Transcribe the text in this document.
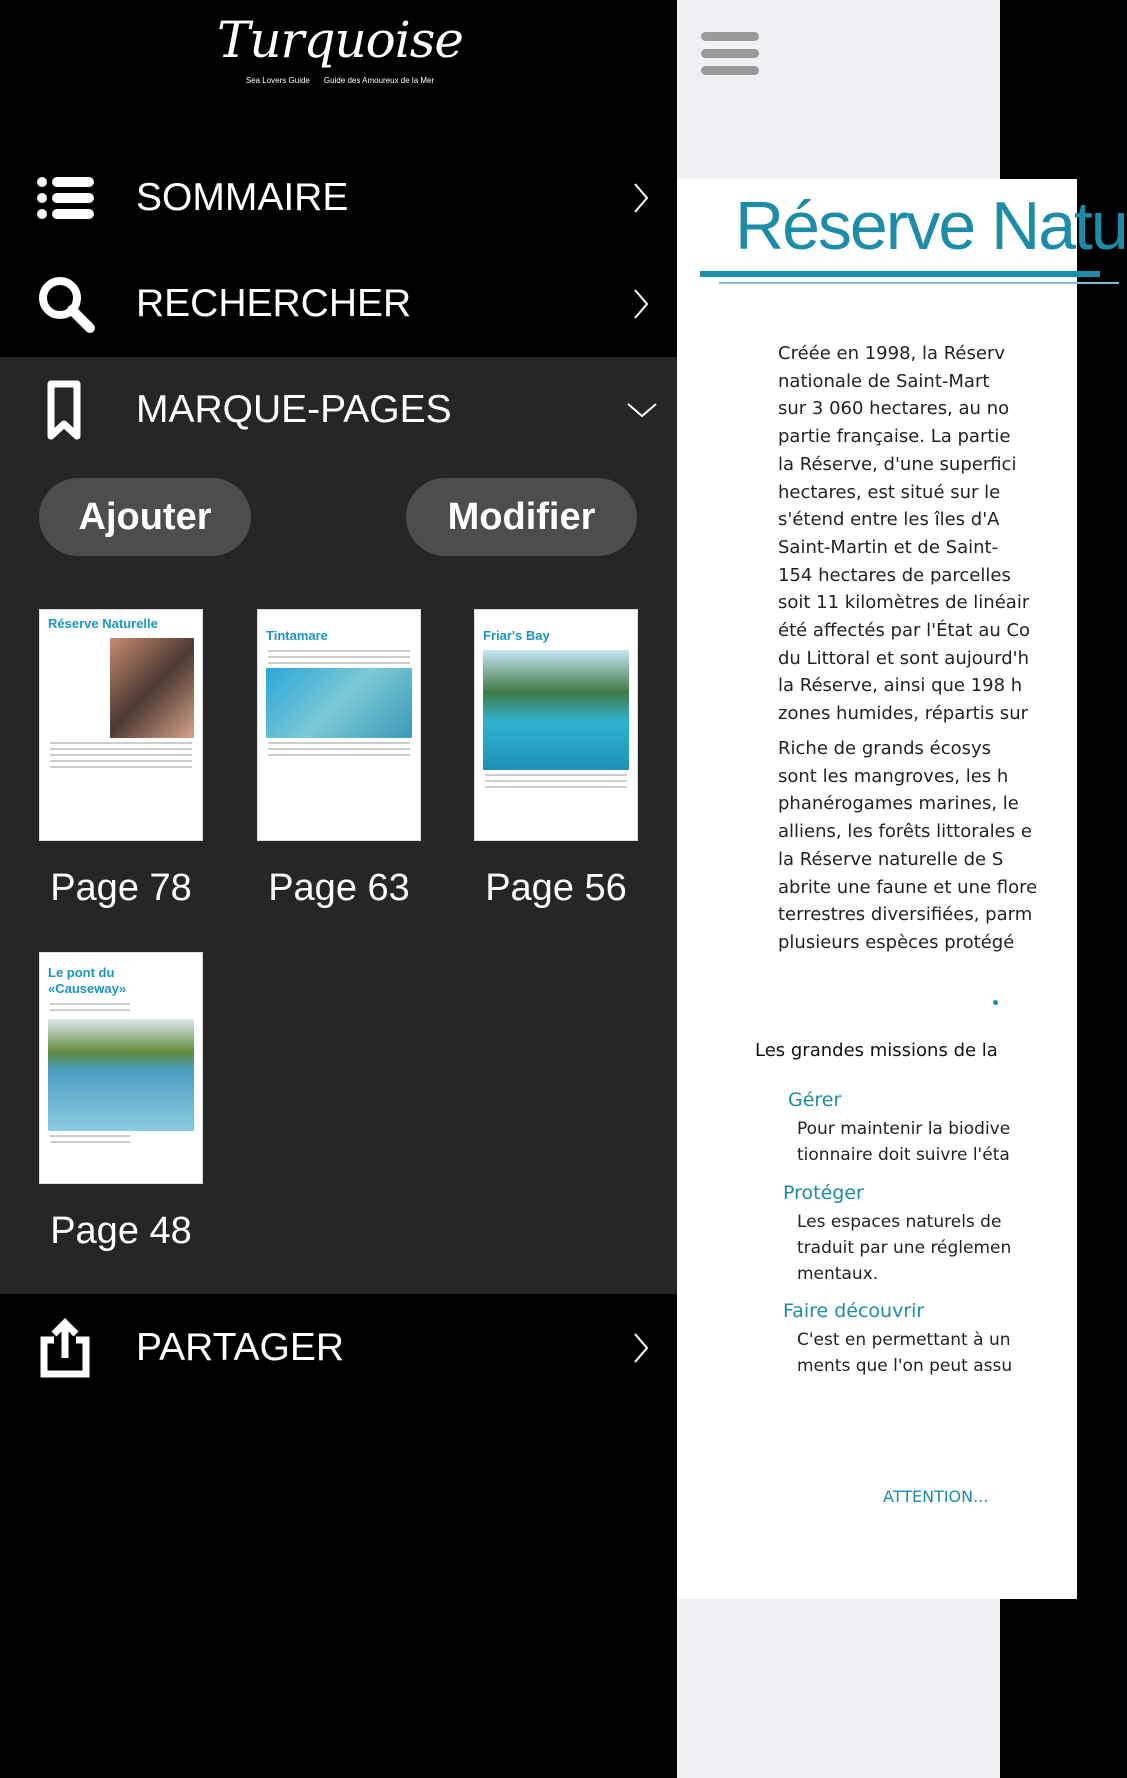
Turquoise
Sea Lovers Guide Guide des Amoureux de la Mer
SOMMAIRE
RECHERCHER
MARQUE-PAGES
Ajouter	Modifier
Réserve Naturelle
Tintamare	Friar's Bay
Page 78	Page 63	Page 56
Le pont du «Causeway»
Page 48
PARTAGER
Réserve Natu
Créée en 1998, la Réserv
nationale de Saint-Mart
sur 3 060 hectares, au no
partie française. La partie
la Réserve, d'une superfici
hectares, est situé sur le
s'étend entre les îles d'A
Saint-Martin et de Saint-
154 hectares de parcelles
soit 11 kilomètres de linéair
été affectés par l'État au Co
du Littoral et sont aujourd'h
la Réserve, ainsi que 198 h
zones humides, répartis sur
Riche de grands écosys
sont les mangroves, les h
phanérogames marines, le
alliens, les forêts littorales e
la Réserve naturelle de S
abrite une faune et une flore
terrestres diversifiées, parm
plusieurs espèces protégé
Les grandes missions de la
Gérer
Pour maintenir la biodive
tionnaire doit suivre l'éta
Protéger
Les espaces naturels de
traduit par une réglemen
mentaux.
Faire découvrir
C'est en permettant à un
ments que l'on peut assu
ATTENTION...
